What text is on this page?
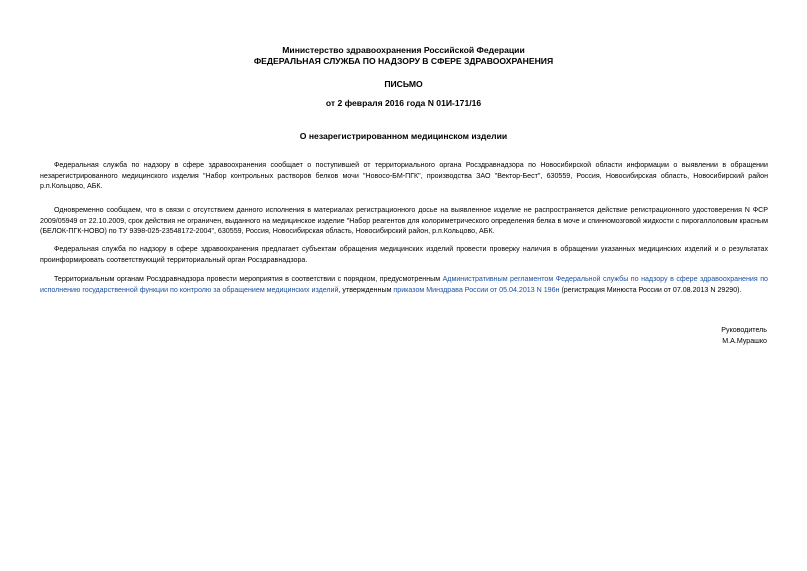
Министерство здравоохранения Российской Федерации
ФЕДЕРАЛЬНАЯ СЛУЖБА ПО НАДЗОРУ В СФЕРЕ ЗДРАВООХРАНЕНИЯ
ПИСЬМО
от 2 февраля 2016 года N 01И-171/16
О незарегистрированном медицинском изделии

Федеральная служба по надзору в сфере здравоохранения сообщает о поступившей от территориального органа Росздравнадзора по Новосибирской области информации о выявлении в обращении незарегистрированного медицинского изделия "Набор контрольных растворов белков мочи "Новосо-БМ-ПГК", производства ЗАО "Вектор-Бест", 630559, Россия, Новосибирская область, Новосибирский район р.п.Кольцово, АБК.

Одновременно сообщаем, что в связи с отсутствием данного исполнения в материалах регистрационного досье на выявленное изделие не распространяется действие регистрационного удостоверения N ФСР 2009/05949 от 22.10.2009, срок действия не ограничен, выданного на медицинское изделие "Набор реагентов для колориметрического определения белка в моче и спинномозговой жидкости с пирогаллоловым красным (БЕЛОК-ПГК-НОВО) по ТУ 9398-025-23548172-2004", 630559, Россия, Новосибирская область, Новосибирский район, р.п.Кольцово, АБК.

Федеральная служба по надзору в сфере здравоохранения предлагает субъектам обращения медицинских изделий провести проверку наличия в обращении указанных медицинских изделий и о результатах проинформировать соответствующий территориальный орган Росздравнадзора.

Территориальным органам Росздравнадзора провести мероприятия в соответствии с порядком, предусмотренным Административным регламентом Федеральной службы по надзору в сфере здравоохранения по исполнению государственной функции по контролю за обращением медицинских изделий, утвержденным приказом Минздрава России от 05.04.2013 N 196н (регистрация Минюста России от 07.08.2013 N 29290).

Руководитель
М.А.Мурашко
